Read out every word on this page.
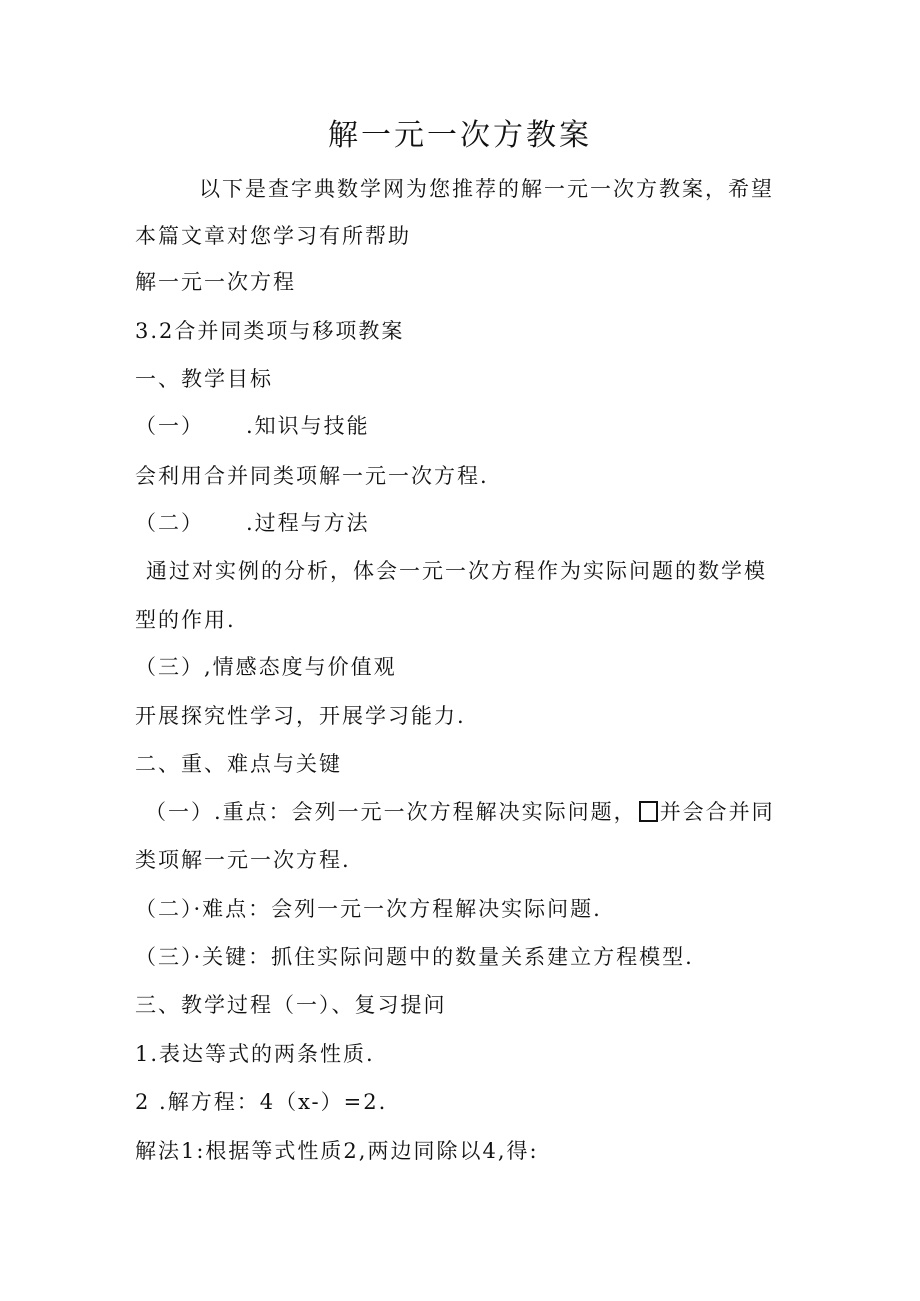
解一元一次方教案
以下是查字典数学网为您推荐的解一元一次方教案，希望
本篇文章对您学习有所帮助
解一元一次方程
3.2合并同类项与移项教案
一、教学目标
（一） .知识与技能
会利用合并同类项解一元一次方程.
（二） .过程与方法
通过对实例的分析，体会一元一次方程作为实际问题的数学模
型的作用.
（三）,情感态度与价值观
开展探究性学习，开展学习能力.
二、重、难点与关键
（一）.重点：会列一元一次方程解决实际问题， 并会合并同
类项解一元一次方程.
（二）·难点：会列一元一次方程解决实际问题.
（三）·关键：抓住实际问题中的数量关系建立方程模型.
三、教学过程（一）、复习提问
1.表达等式的两条性质.
2 .解方程：4（x-）=2.
解法1:根据等式性质2,两边同除以4,得:
